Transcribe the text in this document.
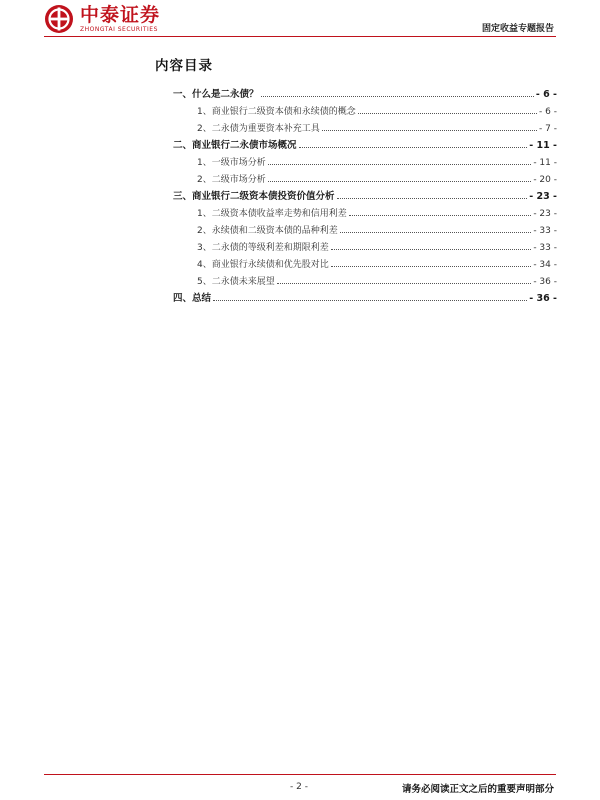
中泰证券
ZHONGTAI SECURITIES	固定收益专题报告
内容目录
一、什么是二永债？	- 6 -
1、商业银行二级资本债和永续债的概念	- 6 -
2、二永债为重要资本补充工具	- 7 -
二、商业银行二永债市场概况	- 11 -
1、一级市场分析	- 11 -
2、二级市场分析	- 20 -
三、商业银行二级资本债投资价值分析	- 23 -
1、二级资本债收益率走势和信用利差	- 23 -
2、永续债和二级资本债的品种利差	- 33 -
3、二永债的等级利差和期限利差	- 33 -
4、商业银行永续债和优先股对比	- 34 -
5、二永债未来展望	- 36 -
四、总结	- 36 -
- 2 -	请务必阅读正文之后的重要声明部分
